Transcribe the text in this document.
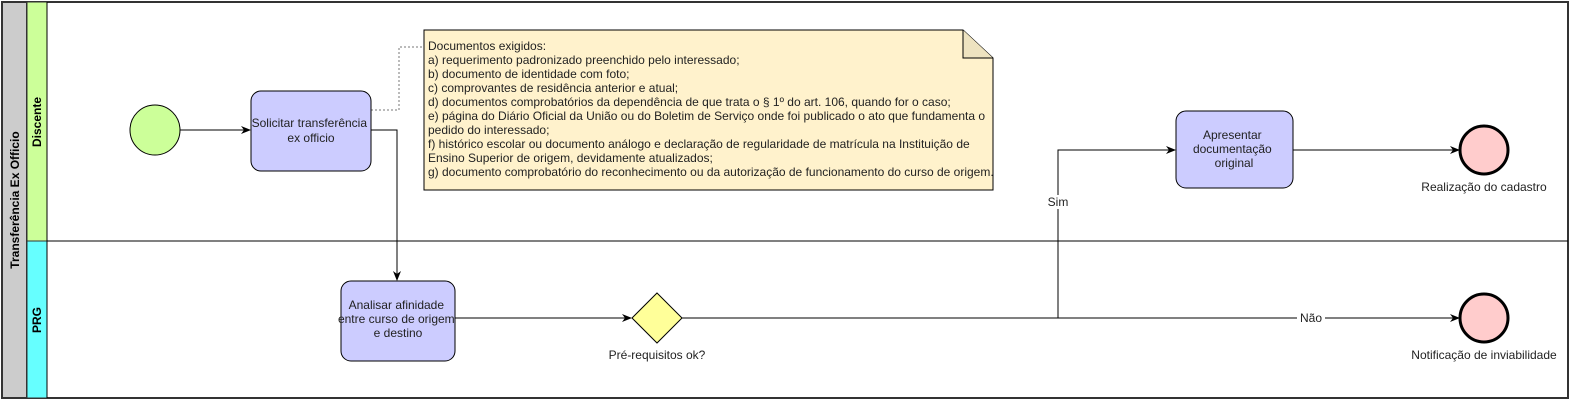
Transferência Ex Officio
Discente
PRG
Sim
Não
Solicitar transferência ex officio
Analisar afinidade entre curso de origem e destino
Apresentar documentação original
Pré-requisitos ok?
Realização do cadastro
Notificação de inviabilidade
Documentos exigidos: a) requerimento padronizado preenchido pelo interessado; b) documento de identidade com foto; c) comprovantes de residência anterior e atual; d) documentos comprobatórios da dependência de que trata o § 1º do art. 106, quando for o caso; e) página do Diário Oficial da União ou do Boletim de Serviço onde foi publicado o ato que fundamenta o pedido do interessado; f) histórico escolar ou documento análogo e declaração de regularidade de matrícula na Instituição de Ensino Superior de origem, devidamente atualizados; g) documento comprobatório do reconhecimento ou da autorização de funcionamento do curso de origem.
